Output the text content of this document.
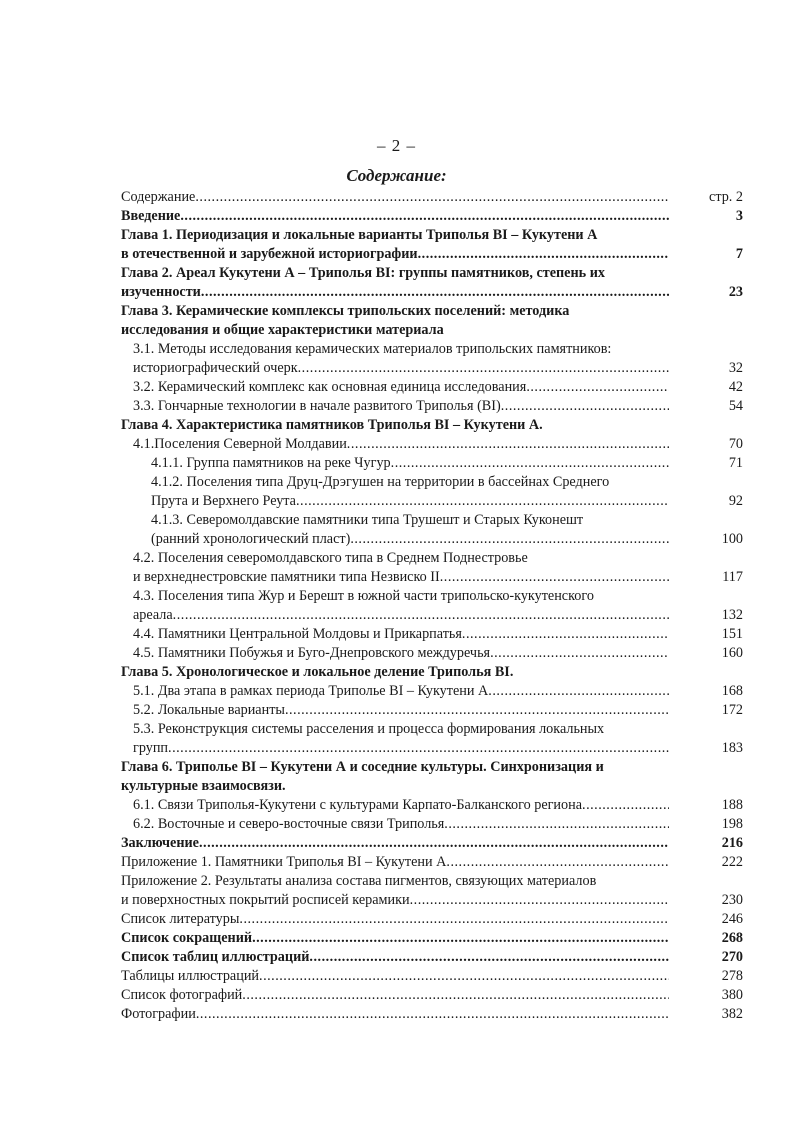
– 2 –
Содержание:
Содержание .....	стр. 2
Введение .....	3
Глава 1. Периодизация и локальные варианты Триполья BI – Кукутени А
в отечественной и зарубежной историографии .....	7
Глава 2. Ареал Кукутени А – Триполья BI: группы памятников, степень их
изученности .....	23
Глава 3. Керамические комплексы трипольских поселений: методика
исследования и общие характеристики материала
3.1. Методы исследования керамических материалов трипольских памятников:
историографический очерк .....	32
3.2. Керамический комплекс как основная единица исследования .....	42
3.3. Гончарные технологии в начале развитого Триполья (BI) .....	54
Глава 4. Характеристика памятников Триполья BI – Кукутени А.
4.1.Поселения Северной Молдавии .....	70
4.1.1. Группа памятников на реке Чугур .....	71
4.1.2. Поселения типа Друц-Дрэгушен на территории в бассейнах Среднего
Прута и Верхнего Реута .....	92
4.1.3. Северомолдавские памятники типа Трушешт и Старых Куконешт
(ранний хронологический пласт) .....	100
4.2. Поселения северомолдавского типа в Среднем Поднестровье
и верхнеднестровские памятники типа Незвиско II .....	117
4.3. Поселения типа Жур и Берешт в южной части трипольско-кукутенского
ареала .....	132
4.4. Памятники Центральной Молдовы и Прикарпатья .....	151
4.5. Памятники Побужья и Буго-Днепровского междуречья .....	160
Глава 5. Хронологическое и локальное деление Триполья BI.
5.1. Два этапа в рамках периода Триполье BI – Кукутени А .....	168
5.2. Локальные варианты .....	172
5.3. Реконструкция системы расселения и процесса формирования локальных
групп .....	183
Глава 6. Триполье BI – Кукутени А и соседние культуры. Синхронизация и
культурные взаимосвязи.
6.1. Связи Триполья-Кукутени с культурами Карпато-Балканского региона .....	188
6.2. Восточные и северо-восточные связи Триполья .....	198
Заключение .....	216
Приложение 1. Памятники Триполья BI – Кукутени А .....	222
Приложение 2. Результаты анализа состава пигментов, связующих материалов
и поверхностных покрытий росписей керамики .....	230
Список литературы .....	246
Список сокращений .....	268
Список таблиц иллюстраций .....	270
Таблицы иллюстраций .....	278
Список фотографий .....	380
Фотографии .....	382
